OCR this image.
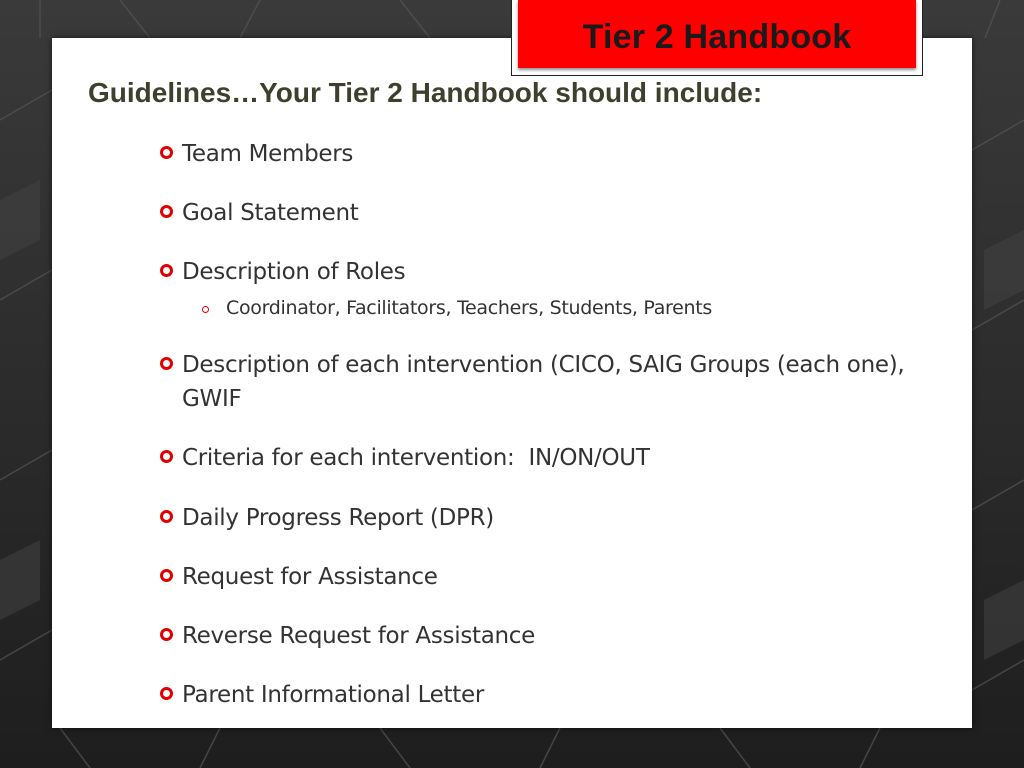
Tier 2 Handbook
Guidelines…Your Tier 2 Handbook should include:
Team Members
Goal Statement
Description of Roles
Coordinator, Facilitators, Teachers, Students, Parents
Description of each intervention (CICO, SAIG Groups (each one), GWIF
Criteria for each intervention:  IN/ON/OUT
Daily Progress Report (DPR)
Request for Assistance
Reverse Request for Assistance
Parent Informational Letter
